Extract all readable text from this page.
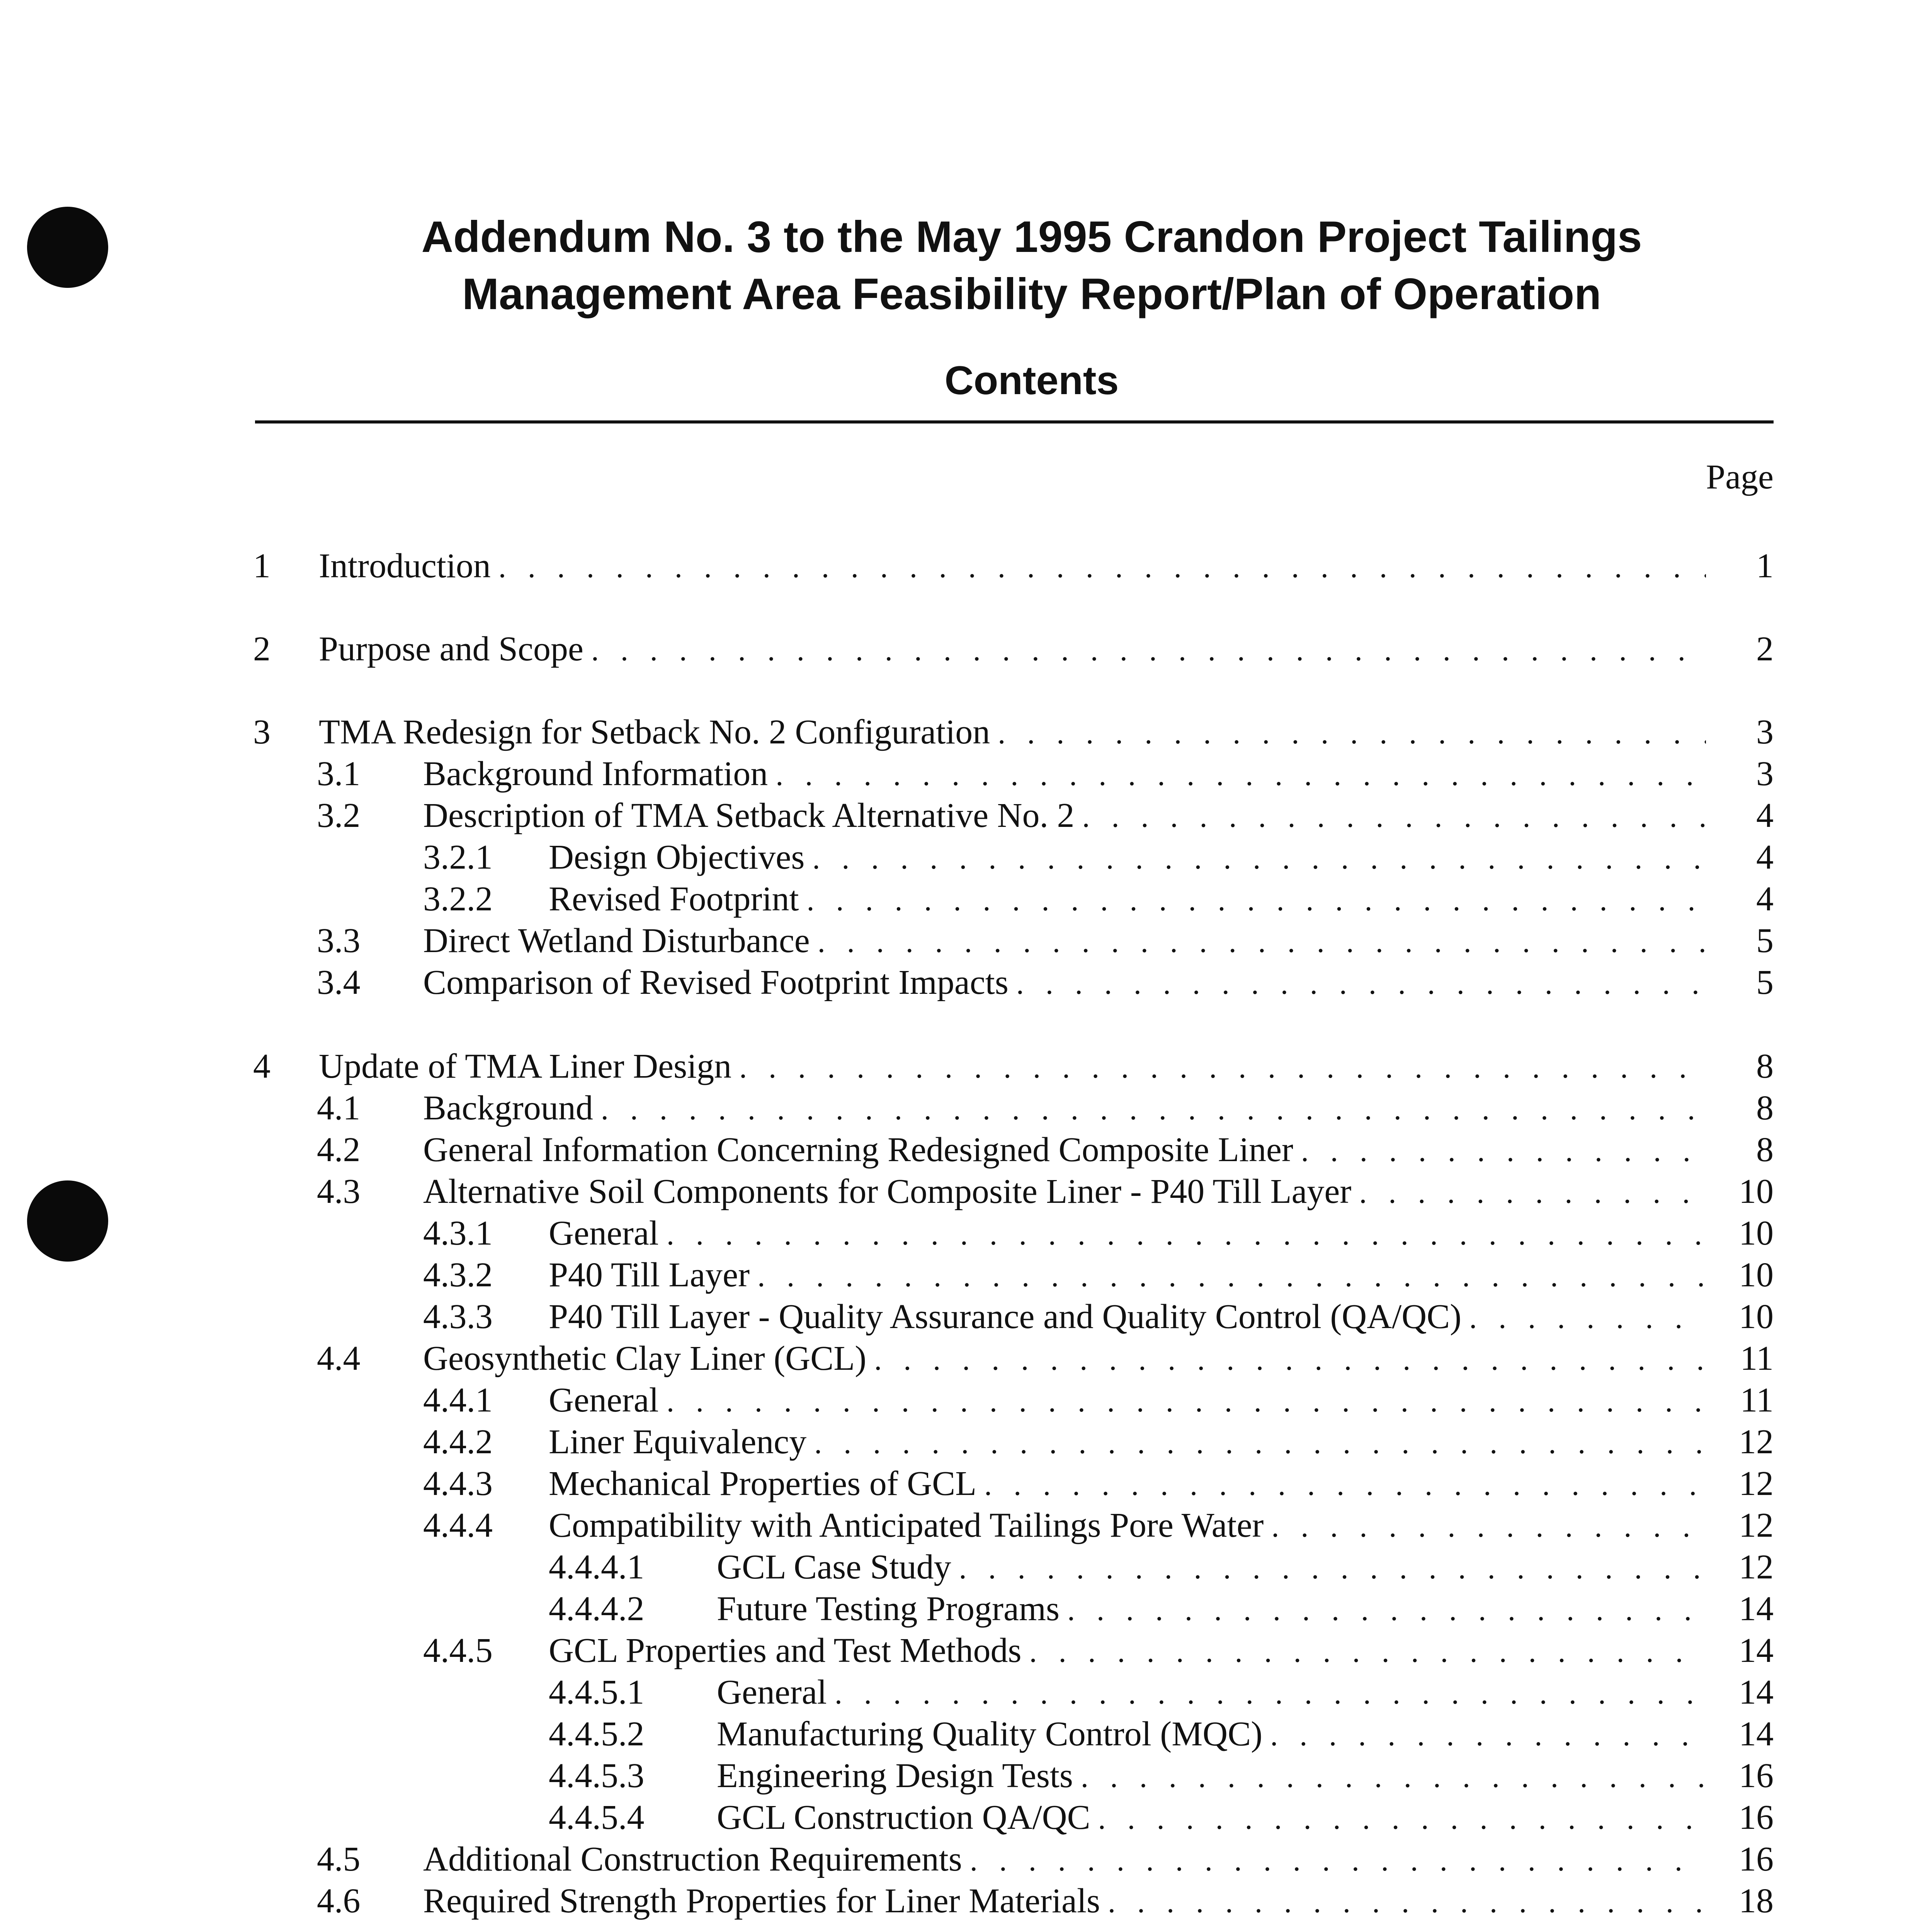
Addendum No. 3 to the May 1995 Crandon Project Tailings
Management Area Feasibility Report/Plan of Operation
Contents
Page
1 Introduction . . .	1
2 Purpose and Scope . . .	2
3 TMA Redesign for Setback No. 2 Configuration . . .	3
3.1 Background Information . . .	3
3.2 Description of TMA Setback Alternative No. 2 . . .	4
3.2.1 Design Objectives . . .	4
3.2.2 Revised Footprint . . .	4
3.3 Direct Wetland Disturbance . . .	5
3.4 Comparison of Revised Footprint Impacts . . .	5
4 Update of TMA Liner Design . . .	8
4.1 Background . . .	8
4.2 General Information Concerning Redesigned Composite Liner . . .	8
4.3 Alternative Soil Components for Composite Liner - P40 Till Layer . . .	10
4.3.1 General . . .	10
4.3.2 P40 Till Layer . . .	10
4.3.3 P40 Till Layer - Quality Assurance and Quality Control (QA/QC) . . .	10
4.4 Geosynthetic Clay Liner (GCL) . . .	11
4.4.1 General . . .	11
4.4.2 Liner Equivalency . . .	12
4.4.3 Mechanical Properties of GCL . . .	12
4.4.4 Compatibility with Anticipated Tailings Pore Water . . .	12
4.4.4.1 GCL Case Study . . .	12
4.4.4.2 Future Testing Programs . . .	14
4.4.5 GCL Properties and Test Methods . . .	14
4.4.5.1 General . . .	14
4.4.5.2 Manufacturing Quality Control (MQC) . . .	14
4.4.5.3 Engineering Design Tests . . .	16
4.4.5.4 GCL Construction QA/QC . . .	16
4.5 Additional Construction Requirements . . .	16
4.6 Required Strength Properties for Liner Materials . . .	18
